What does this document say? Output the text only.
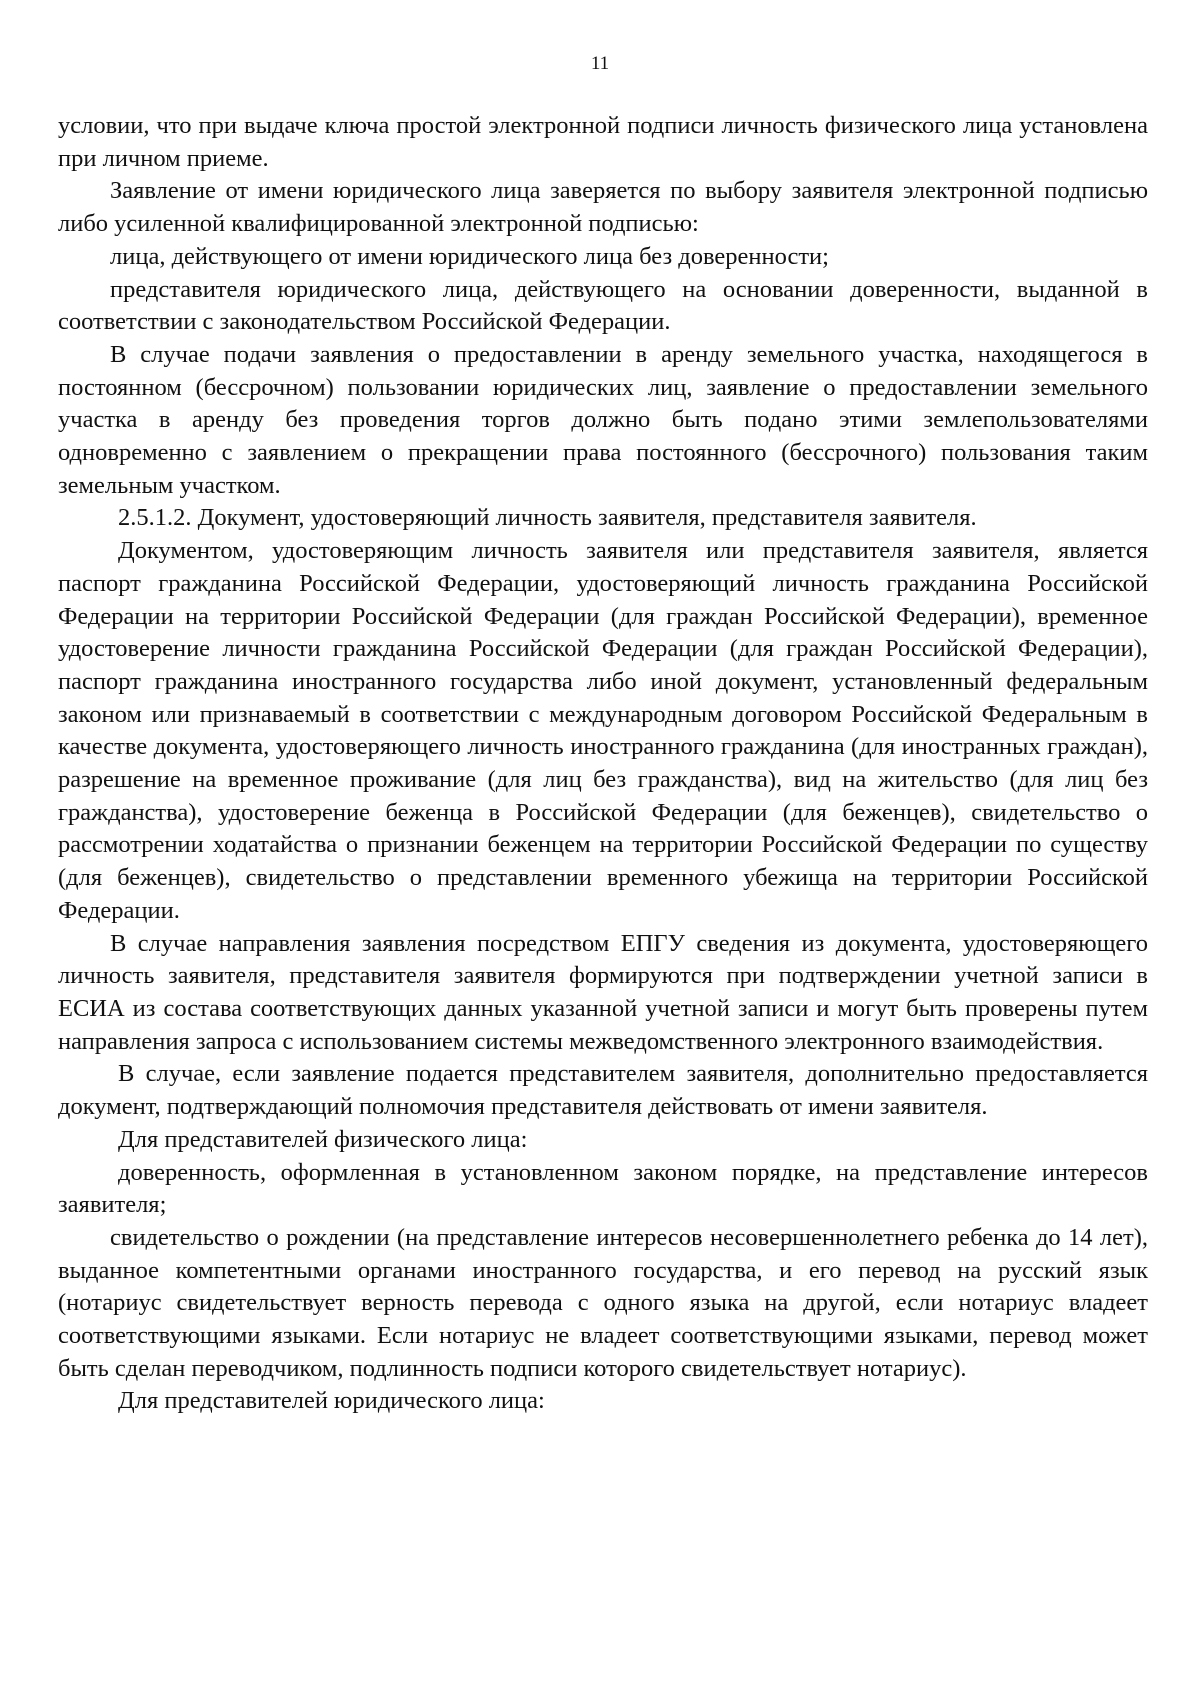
11

условии, что при выдаче ключа простой электронной подписи личность физического лица установлена при личном приеме.

Заявление от имени юридического лица заверяется по выбору заявителя электронной подписью либо усиленной квалифицированной электронной подписью:

лица, действующего от имени юридического лица без доверенности;

представителя юридического лица, действующего на основании доверенности, выданной в соответствии с законодательством Российской Федерации.

В случае подачи заявления о предоставлении в аренду земельного участка, находящегося в постоянном (бессрочном) пользовании юридических лиц, заявление о предоставлении земельного участка в аренду без проведения торгов должно быть подано этими землепользователями одновременно с заявлением о прекращении права постоянного (бессрочного) пользования таким земельным участком.

2.5.1.2. Документ, удостоверяющий личность заявителя, представителя заявителя.

Документом, удостоверяющим личность заявителя или представителя заявителя, является паспорт гражданина Российской Федерации, удостоверяющий личность гражданина Российской Федерации на территории Российской Федерации (для граждан Российской Федерации), временное удостоверение личности гражданина Российской Федерации (для граждан Российской Федерации), паспорт гражданина иностранного государства либо иной документ, установленный федеральным законом или признаваемый в соответствии с международным договором Российской Федеральным в качестве документа, удостоверяющего личность иностранного гражданина (для иностранных граждан), разрешение на временное проживание (для лиц без гражданства), вид на жительство (для лиц без гражданства), удостоверение беженца в Российской Федерации (для беженцев), свидетельство о рассмотрении ходатайства о признании беженцем на территории Российской Федерации по существу (для беженцев), свидетельство о представлении временного убежища на территории Российской Федерации.

В случае направления заявления посредством ЕПГУ сведения из документа, удостоверяющего личность заявителя, представителя заявителя формируются при подтверждении учетной записи в ЕСИА из состава соответствующих данных указанной учетной записи и могут быть проверены путем направления запроса с использованием системы межведомственного электронного взаимодействия.

В случае, если заявление подается представителем заявителя, дополнительно предоставляется документ, подтверждающий полномочия представителя действовать от имени заявителя.

Для представителей физического лица:

доверенность, оформленная в установленном законом порядке, на представление интересов заявителя;

свидетельство о рождении (на представление интересов несовершеннолетнего ребенка до 14 лет), выданное компетентными органами иностранного государства, и его перевод на русский язык (нотариус свидетельствует верность перевода с одного языка на другой, если нотариус владеет соответствующими языками. Если нотариус не владеет соответствующими языками, перевод может быть сделан переводчиком, подлинность подписи которого свидетельствует нотариус).

Для представителей юридического лица:
